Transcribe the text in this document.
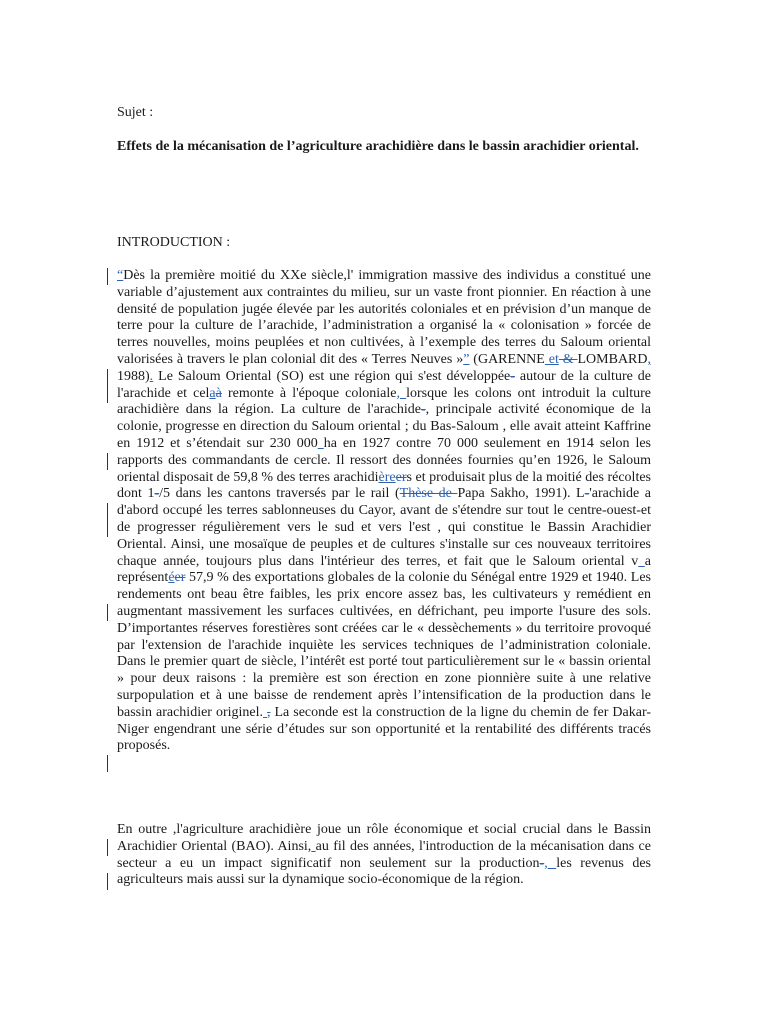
Sujet :

Effets de la mécanisation de l’agriculture arachidière dans le bassin arachidier oriental.

INTRODUCTION :

“Dès la première moitié du XXe siècle,l' immigration massive des individus a constitué une variable d’ajustement aux contraintes du milieu, sur un vaste front pionnier. En réaction à une densité de population jugée élevée par les autorités coloniales et en prévision d’un manque de terre pour la culture de l’arachide, l’administration a organisé la « colonisation » forcée de terres nouvelles, moins peuplées et non cultivées, à l’exemple des terres du Saloum oriental valorisées à travers le plan colonial dit des « Terres Neuves »” (GARENNE et & LOMBARD, 1988). Le Saloum Oriental (SO) est une région qui s'est développée- autour de la culture de l'arachide et celaà remonte à l'époque coloniale, lorsque les colons ont introduit la culture arachidière dans la région. La culture de l'arachide-, principale activité économique de la colonie, progresse en direction du Saloum oriental ; du Bas-Saloum , elle avait atteint Kaffrine en 1912 et s’étendait sur 230 000 ha en 1927 contre 70 000 seulement en 1914 selon les rapports des commandants de cercle. Il ressort des données fournies qu’en 1926, le Saloum oriental disposait de 59,8 % des terres arachidièreers et produisait plus de la moitié des récoltes dont 1-/5 dans les cantons traversés par le rail (Thèse de Papa Sakho, 1991). L-'arachide a d'abord occupé les terres sablonneuses du Cayor, avant de s'étendre sur tout le centre-ouest-et de progresser régulièrement vers le sud et vers l'est , qui constitue le Bassin Arachidier Oriental. Ainsi, une mosaïque de peuples et de cultures s'installe sur ces nouveaux territoires chaque année, toujours plus dans l'intérieur des terres, et fait que le Saloum oriental v a représentéer 57,9 % des exportations globales de la colonie du Sénégal entre 1929 et 1940. Les rendements ont beau être faibles, les prix encore assez bas, les cultivateurs y remédient en augmentant massivement les surfaces cultivées, en défrichant, peu importe l'usure des sols. D’importantes réserves forestières sont créées car le « dessèchements » du territoire provoqué par l'extension de l'arachide inquiète les services techniques de l’administration coloniale. Dans le premier quart de siècle, l’intérêt est porté tout particulièrement sur le « bassin oriental » pour deux raisons : la première est son érection en zone pionnière suite à une relative surpopulation et à une baisse de rendement après l’intensification de la production dans le bassin arachidier originel. , La seconde est la construction de la ligne du chemin de fer Dakar-Niger engendrant une série d’études sur son opportunité et la rentabilité des différents tracés proposés.

En outre ,l'agriculture arachidière joue un rôle économique et social crucial dans le Bassin Arachidier Oriental (BAO). Ainsi, au fil des années, l'introduction de la mécanisation dans ce secteur a eu un impact significatif non seulement sur la production-, les revenus des agriculteurs mais aussi sur la dynamique socio-économique de la région.
